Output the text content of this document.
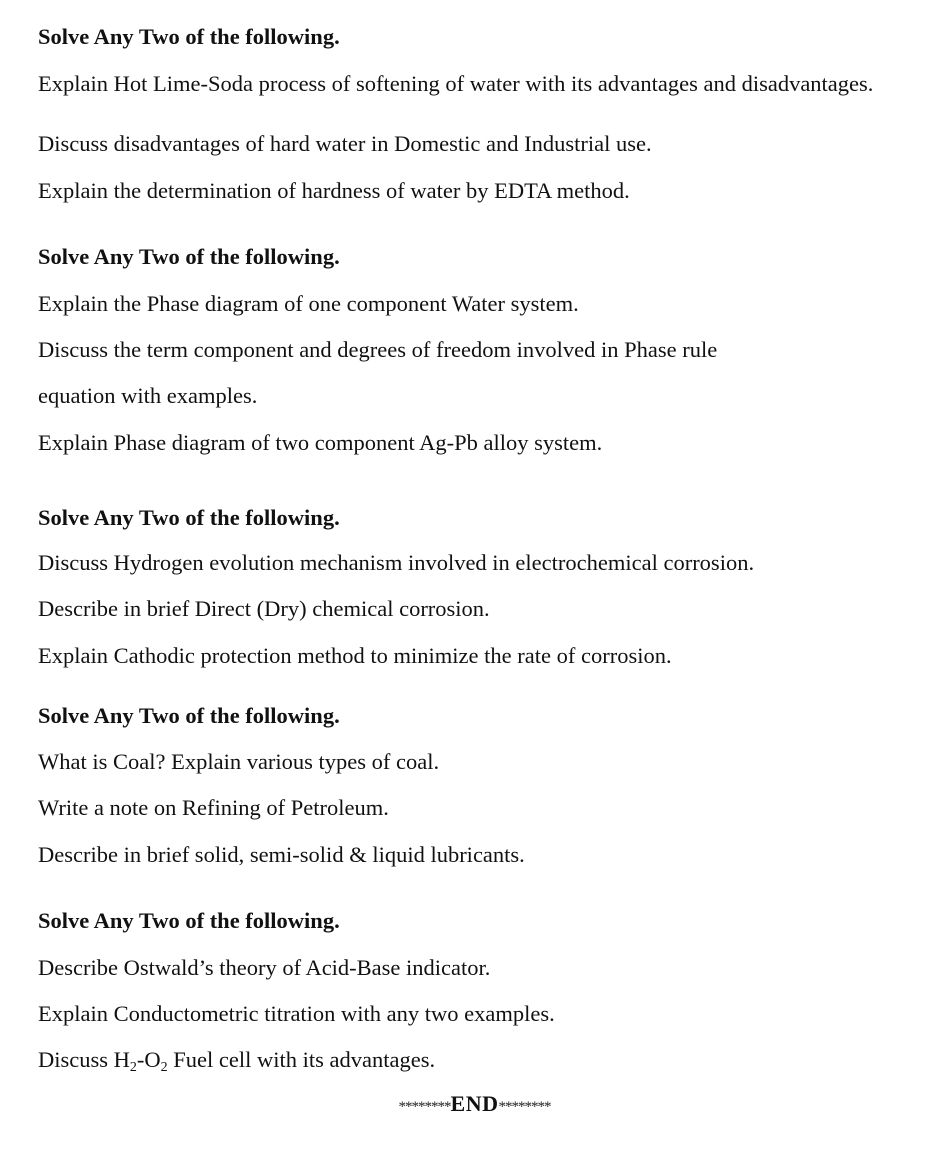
Solve Any Two of the following.
Explain Hot Lime-Soda process of softening of water with its advantages and disadvantages.
Discuss disadvantages of hard water in Domestic and Industrial use.
Explain the determination of hardness of water by EDTA method.
Solve Any Two of the following.
Explain the Phase diagram of one component Water system.
Discuss the term component and degrees of freedom involved in Phase rule
equation with examples.
Explain Phase diagram of two component Ag-Pb alloy system.
Solve Any Two of the following.
Discuss Hydrogen evolution mechanism involved in electrochemical corrosion.
Describe in brief Direct (Dry) chemical corrosion.
Explain Cathodic protection method to minimize the rate of corrosion.
Solve Any Two of the following.
What is Coal? Explain various types of coal.
Write a note on Refining of Petroleum.
Describe in brief solid, semi-solid & liquid lubricants.
Solve Any Two of the following.
Describe Ostwald’s theory of Acid-Base indicator.
Explain Conductometric titration with any two examples.
Discuss $H_2-O_2$ Fuel cell with its advantages.
********END********
